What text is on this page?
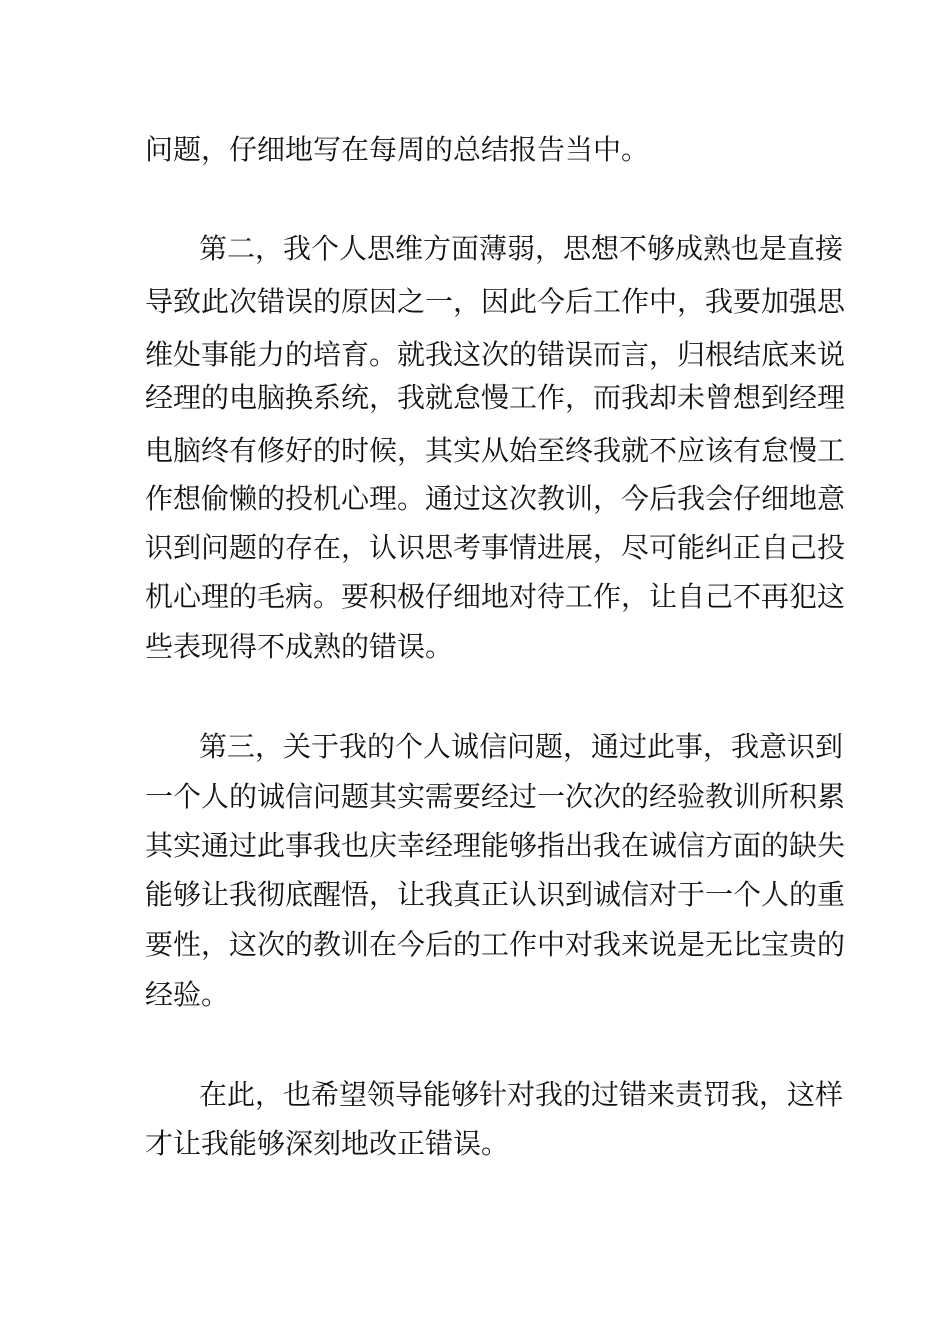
问题，仔细地写在每周的总结报告当中。
第二，我个人思维方面薄弱，思想不够成熟也是直接
导致此次错误的原因之一，因此今后工作中，我要加强思
维处事能力的培育。就我这次的错误而言，归根结底来说
经理的电脑换系统，我就怠慢工作，而我却未曾想到经理
电脑终有修好的时候，其实从始至终我就不应该有怠慢工
作想偷懒的投机心理。通过这次教训，今后我会仔细地意
识到问题的存在，认识思考事情进展，尽可能纠正自己投
机心理的毛病。要积极仔细地对待工作，让自己不再犯这
些表现得不成熟的错误。
第三，关于我的个人诚信问题，通过此事，我意识到
一个人的诚信问题其实需要经过一次次的经验教训所积累
其实通过此事我也庆幸经理能够指出我在诚信方面的缺失
能够让我彻底醒悟，让我真正认识到诚信对于一个人的重
要性，这次的教训在今后的工作中对我来说是无比宝贵的
经验。
在此，也希望领导能够针对我的过错来责罚我，这样
才让我能够深刻地改正错误。
